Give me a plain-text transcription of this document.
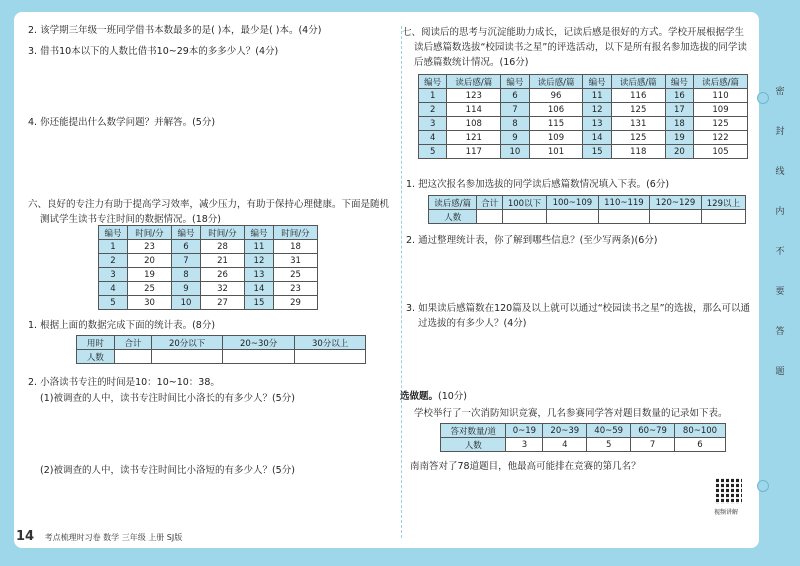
2. 该学期三年级一班同学借书本数最多的是( )本，最少是( )本。(4分)
3. 借书10本以下的人数比借书10~29本的多多少人？(4分)
4. 你还能提出什么数学问题？并解答。(5分)
六、良好的专注力有助于提高学习效率，减少压力，有助于保持心理健康。下面是随机
测试学生读书专注时间的数据情况。(18分)
编号	时间/分	编号	时间/分	编号	时间/分
1	23	6	28	11	18
2	20	7	21	12	31
3	19	8	26	13	25
4	25	9	32	14	23
5	30	10	27	15	29
1. 根据上面的数据完成下面的统计表。(8分)
用时	合计	20分以下	20~30分	30分以上
人数				
2. 小洛读书专注的时间是10：10~10：38。
(1)被调查的人中，读书专注时间比小洛长的有多少人？(5分)
(2)被调查的人中，读书专注时间比小洛短的有多少人？(5分)
七、阅读后的思考与沉淀能助力成长，记读后感是很好的方式。学校开展根据学生
读后感篇数选拔“校园读书之星”的评选活动，以下是所有报名参加选拔的同学读
后感篇数统计情况。(16分)
编号	读后感/篇	编号	读后感/篇	编号	读后感/篇	编号	读后感/篇
1	123	6	96	11	116	16	110
2	114	7	106	12	125	17	109
3	108	8	115	13	131	18	125
4	121	9	109	14	125	19	122
5	117	10	101	15	118	20	105
1. 把这次报名参加选拔的同学读后感篇数情况填入下表。(6分)
读后感/篇	合计	100以下	100~109	110~119	120~129	129以上
人数						
2. 通过整理统计表，你了解到哪些信息？(至少写两条)(6分)
3. 如果读后感篇数在120篇及以上就可以通过“校园读书之星”的选拔，那么可以通
过选拔的有多少人？(4分)
选做题。(10分)
学校举行了一次消防知识竞赛，几名参赛同学答对题目数量的记录如下表。
答对数量/道	0~19	20~39	40~59	60~79	80~100
人数	3	4	5	7	6
南南答对了78道题目，他最高可能排在竞赛的第几名？
视频讲解
14 考点梳理时习卷 数学 三年级 上册 SJ版
密
封
线
内
不
要
答
题
